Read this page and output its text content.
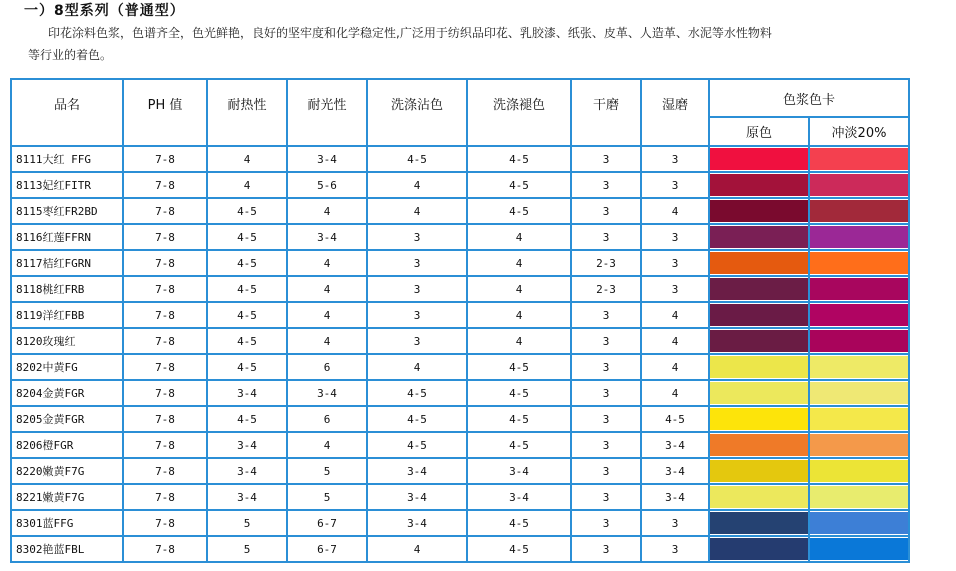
一）8型系列（普通型）
印花涂料色浆，色谱齐全，色光鲜艳，良好的坚牢度和化学稳定性,广泛用于纺织品印花、乳胶漆、纸张、皮革、人造革、水泥等水性物料
等行业的着色。
品名	PH 值	耐热性	耐光性	洗涤沾色	洗涤褪色	干磨	湿磨	色浆色卡	
								原色	冲淡20%
8111大红 FFG	7-8	4	3-4	4-5	4-5	3	3	

8113妃红FITR	7-8	4	5-6	4	4-5	3	3	

8115枣红FR2BD	7-8	4-5	4	4	4-5	3	4	

8116红莲FFRN	7-8	4-5	3-4	3	4	3	3	

8117桔红FGRN	7-8	4-5	4	3	4	2-3	3	

8118桃红FRB	7-8	4-5	4	3	4	2-3	3	

8119洋红FBB	7-8	4-5	4	3	4	3	4	

8120玫瑰红	7-8	4-5	4	3	4	3	4	

8202中黄FG	7-8	4-5	6	4	4-5	3	4	

8204金黄FGR	7-8	3-4	3-4	4-5	4-5	3	4	

8205金黄FGR	7-8	4-5	6	4-5	4-5	3	4-5	

8206橙FGR	7-8	3-4	4	4-5	4-5	3	3-4	

8220嫩黄F7G	7-8	3-4	5	3-4	3-4	3	3-4	

8221嫩黄F7G	7-8	3-4	5	3-4	3-4	3	3-4	

8301蓝FFG	7-8	5	6-7	3-4	4-5	3	3	

8302艳蓝FBL	7-8	5	6-7	4	4-5	3	3	
